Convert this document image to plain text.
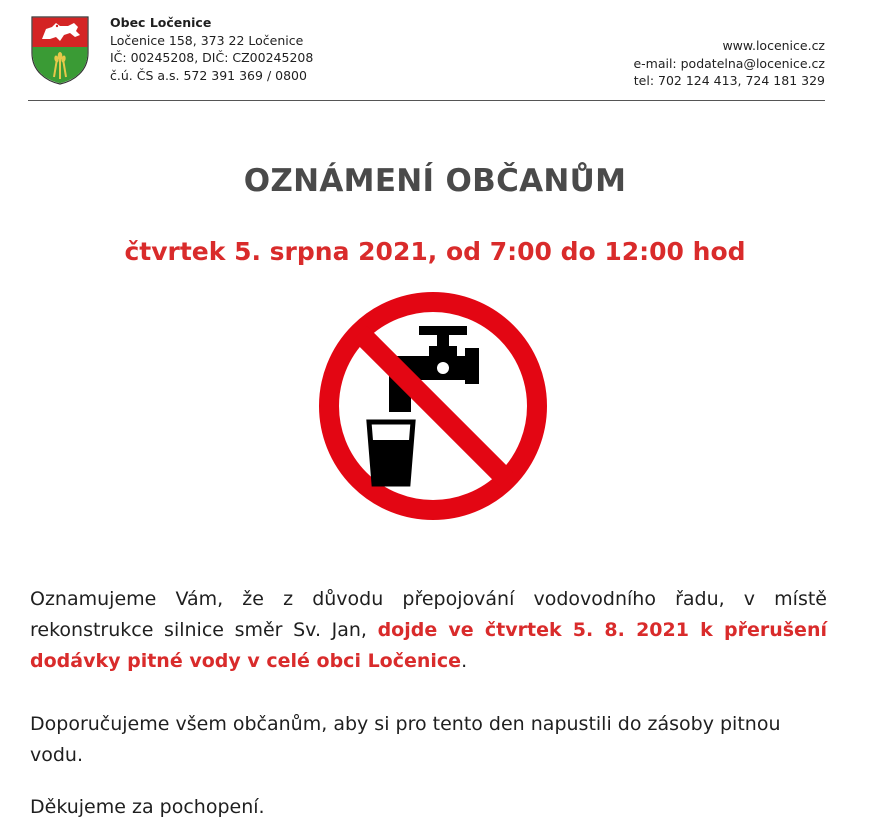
Obec Ločenice
Ločenice 158, 373 22 Ločenice
IČ: 00245208, DIČ: CZ00245208
č.ú. ČS a.s. 572 391 369 / 0800
www.locenice.cz
e-mail: podatelna@locenice.cz
tel: 702 124 413, 724 181 329
OZNÁMENÍ OBČANŮM
čtvrtek 5. srpna 2021, od 7:00 do 12:00 hod
Oznamujeme Vám, že z důvodu přepojování vodovodního řadu, v místě rekonstrukce silnice směr Sv. Jan, dojde ve čtvrtek 5. 8. 2021 k přerušení dodávky pitné vody v celé obci Ločenice.
Doporučujeme všem občanům, aby si pro tento den napustili do zásoby pitnou vodu.
Děkujeme za pochopení.
